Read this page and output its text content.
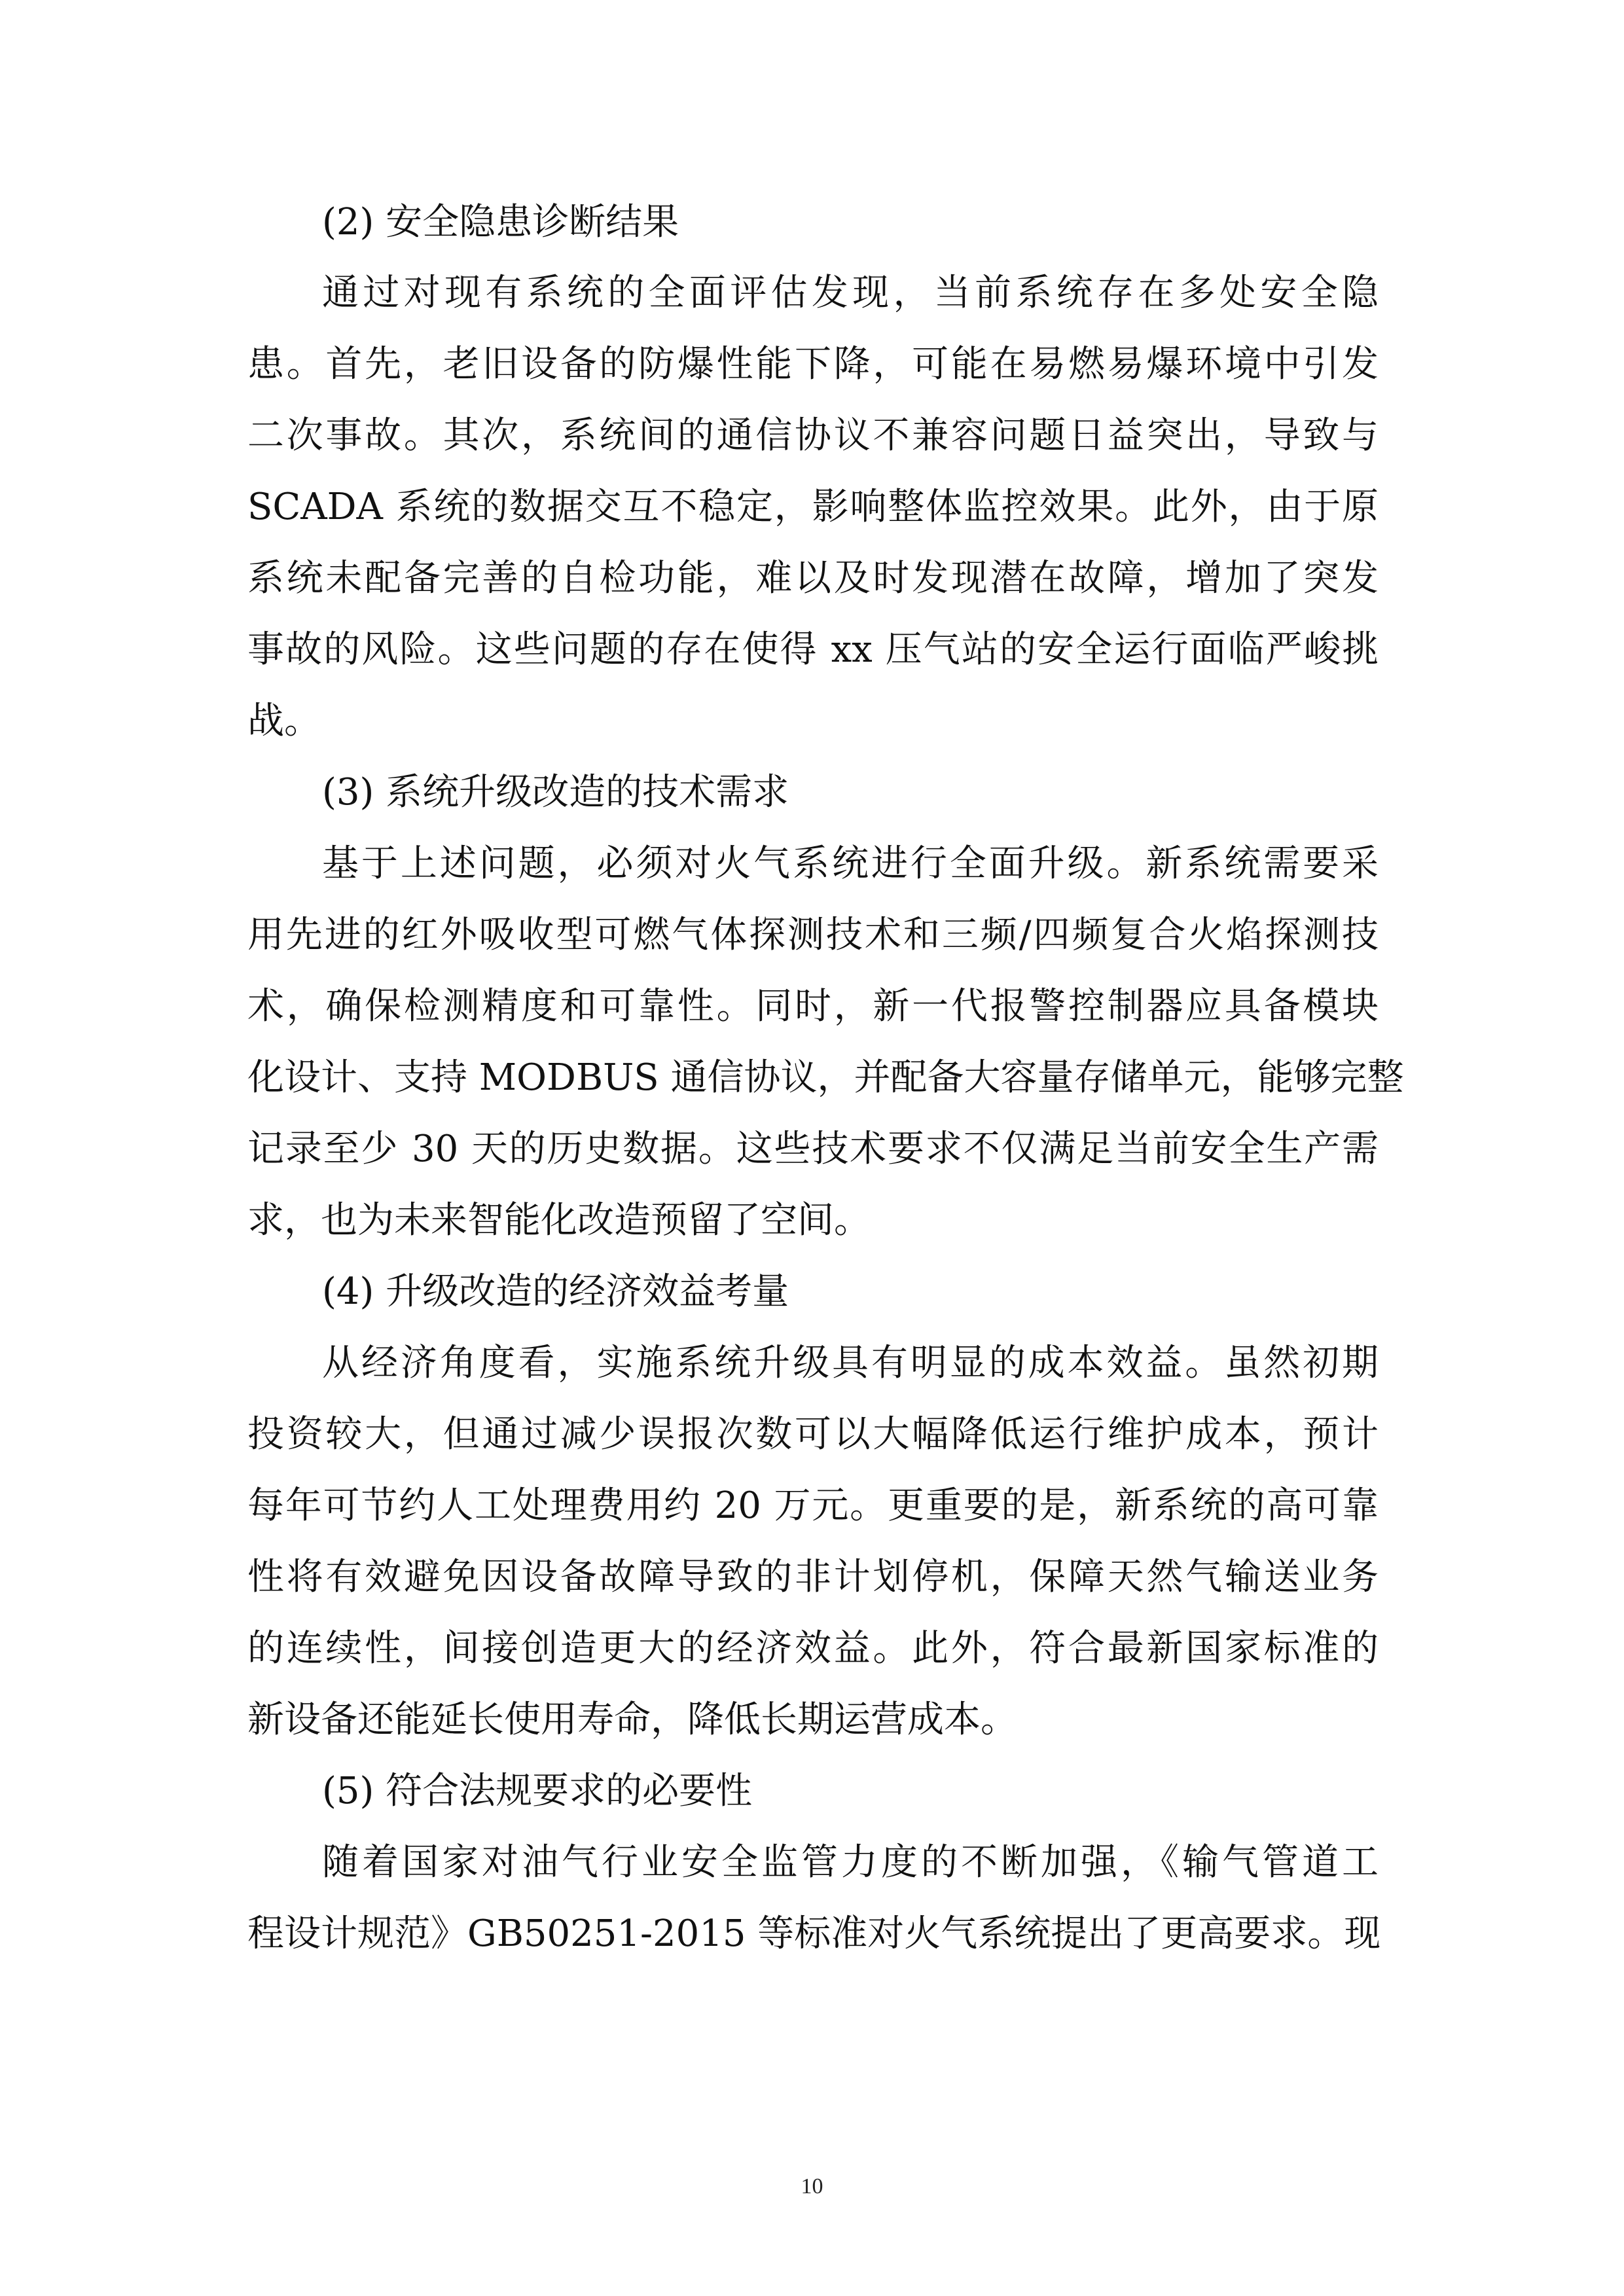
(2) 安全隐患诊断结果
通过对现有系统的全面评估发现，当前系统存在多处安全隐
患。首先，老旧设备的防爆性能下降，可能在易燃易爆环境中引发
二次事故。其次，系统间的通信协议不兼容问题日益突出，导致与
SCADA 系统的数据交互不稳定，影响整体监控效果。此外，由于原
系统未配备完善的自检功能，难以及时发现潜在故障，增加了突发
事故的风险。这些问题的存在使得 xx 压气站的安全运行面临严峻挑
战。
(3) 系统升级改造的技术需求
基于上述问题，必须对火气系统进行全面升级。新系统需要采
用先进的红外吸收型可燃气体探测技术和三频/四频复合火焰探测技
术，确保检测精度和可靠性。同时，新一代报警控制器应具备模块
化设计、支持 MODBUS 通信协议，并配备大容量存储单元，能够完整
记录至少 30 天的历史数据。这些技术要求不仅满足当前安全生产需
求，也为未来智能化改造预留了空间。
(4) 升级改造的经济效益考量
从经济角度看，实施系统升级具有明显的成本效益。虽然初期
投资较大，但通过减少误报次数可以大幅降低运行维护成本，预计
每年可节约人工处理费用约 20 万元。更重要的是，新系统的高可靠
性将有效避免因设备故障导致的非计划停机，保障天然气输送业务
的连续性，间接创造更大的经济效益。此外，符合最新国家标准的
新设备还能延长使用寿命，降低长期运营成本。
(5) 符合法规要求的必要性
随着国家对油气行业安全监管力度的不断加强，《输气管道工
程设计规范》GB50251-2015 等标准对火气系统提出了更高要求。现
10
